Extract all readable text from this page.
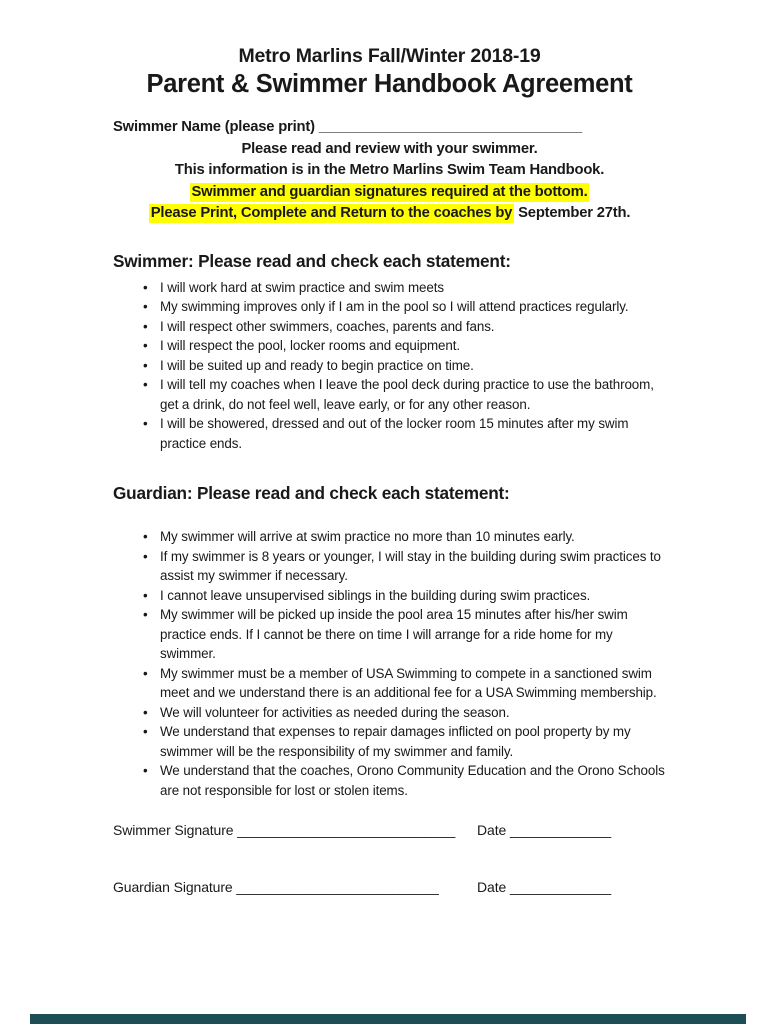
Metro Marlins Fall/Winter 2018-19
Parent & Swimmer Handbook Agreement
Swimmer Name (please print) ________________________________
Please read and review with your swimmer.
This information is in the Metro Marlins Swim Team Handbook.
Swimmer and guardian signatures required at the bottom.
Please Print, Complete and Return to the coaches by September 27th.
Swimmer: Please read and check each statement:
• I will work hard at swim practice and swim meets
• My swimming improves only if I am in the pool so I will attend practices regularly.
• I will respect other swimmers, coaches, parents and fans.
• I will respect the pool, locker rooms and equipment.
• I will be suited up and ready to begin practice on time.
• I will tell my coaches when I leave the pool deck during practice to use the bathroom, get a drink, do not feel well, leave early, or for any other reason.
• I will be showered, dressed and out of the locker room 15 minutes after my swim practice ends.
Guardian: Please read and check each statement:
• My swimmer will arrive at swim practice no more than 10 minutes early.
• If my swimmer is 8 years or younger, I will stay in the building during swim practices to assist my swimmer if necessary.
• I cannot leave unsupervised siblings in the building during swim practices.
• My swimmer will be picked up inside the pool area 15 minutes after his/her swim practice ends. If I cannot be there on time I will arrange for a ride home for my swimmer.
• My swimmer must be a member of USA Swimming to compete in a sanctioned swim meet and we understand there is an additional fee for a USA Swimming membership.
• We will volunteer for activities as needed during the season.
• We understand that expenses to repair damages inflicted on pool property by my swimmer will be the responsibility of my swimmer and family.
• We understand that the coaches, Orono Community Education and the Orono Schools are not responsible for lost or stolen items.
Swimmer Signature ____________________________	Date _____________
Guardian Signature __________________________	Date _____________
